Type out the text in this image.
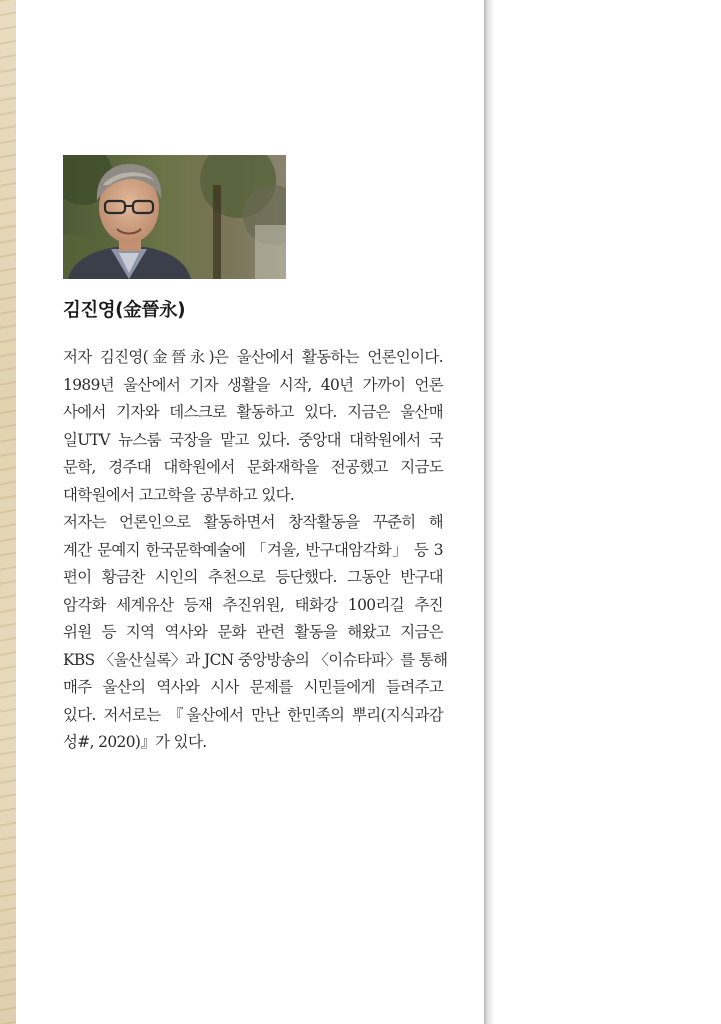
김진영(金晉永)
저자 김진영(金晉永)은 울산에서 활동하는 언론인이다.
1989년 울산에서 기자 생활을 시작, 40년 가까이 언론
사에서 기자와 데스크로 활동하고 있다. 지금은 울산매
일UTV 뉴스룸 국장을 맡고 있다. 중앙대 대학원에서 국
문학, 경주대 대학원에서 문화재학을 전공했고 지금도
대학원에서 고고학을 공부하고 있다.
저자는 언론인으로 활동하면서 창작활동을 꾸준히 해
계간 문예지 한국문학예술에 「겨울, 반구대암각화」 등 3
편이 황금찬 시인의 추천으로 등단했다. 그동안 반구대
암각화 세계유산 등재 추진위원, 태화강 100리길 추진
위원 등 지역 역사와 문화 관련 활동을 해왔고 지금은
KBS 〈울산실록〉과 JCN 중앙방송의 〈이슈타파〉를 통해
매주 울산의 역사와 시사 문제를 시민들에게 들려주고
있다. 저서로는 『울산에서 만난 한민족의 뿌리(지식과감
성#, 2020)』가 있다.
